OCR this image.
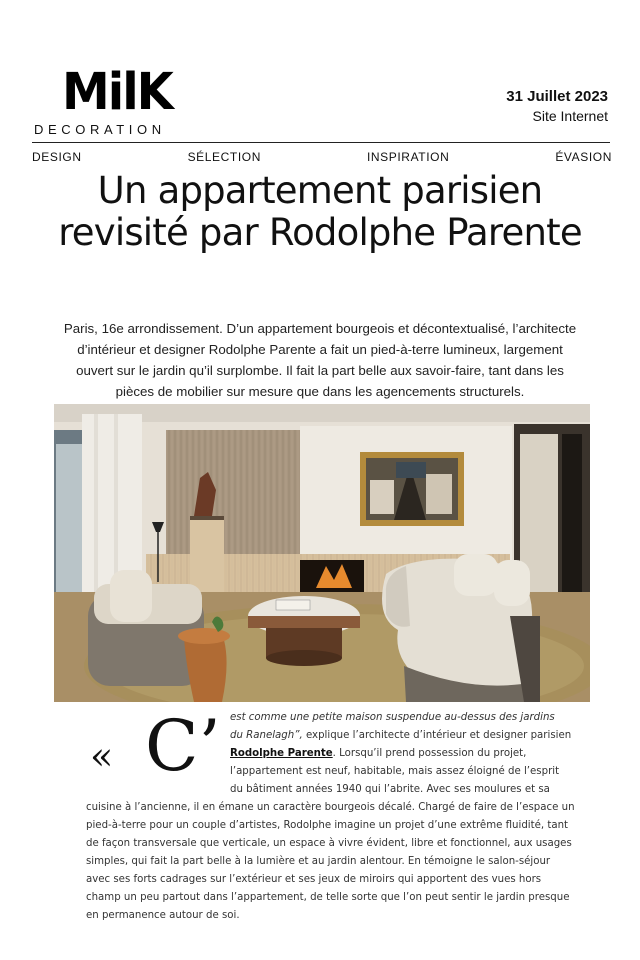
MilK
DECORATION
31 Juillet 2023
Site Internet
DESIGN	SÉLECTION	INSPIRATION	ÉVASION
Un appartement parisien revisité par Rodolphe Parente

Paris, 16e arrondissement. D’un appartement bourgeois et décontextualisé, l’architecte d’intérieur et designer Rodolphe Parente a fait un pied-à-terre lumineux, largement ouvert sur le jardin qu’il surplombe. Il fait la part belle aux savoir-faire, tant dans les pièces de mobilier sur mesure que dans les agencements structurels.

« C’ est comme une petite maison suspendue au-dessus des jardins
du Ranelagh”, explique l’architecte d’intérieur et designer parisien
Rodolphe Parente. Lorsqu’il prend possession du projet,
l’appartement est neuf, habitable, mais assez éloigné de l’esprit
du bâtiment années 1940 qui l’abrite. Avec ses moulures et sa
cuisine à l’ancienne, il en émane un caractère bourgeois décalé. Chargé de faire de l’espace un
pied-à-terre pour un couple d’artistes, Rodolphe imagine un projet d’une extrême fluidité, tant
de façon transversale que verticale, un espace à vivre évident, libre et fonctionnel, aux usages
simples, qui fait la part belle à la lumière et au jardin alentour. En témoigne le salon-séjour
avec ses forts cadrages sur l’extérieur et ses jeux de miroirs qui apportent des vues hors
champ un peu partout dans l’appartement, de telle sorte que l’on peut sentir le jardin presque
en permanence autour de soi.
